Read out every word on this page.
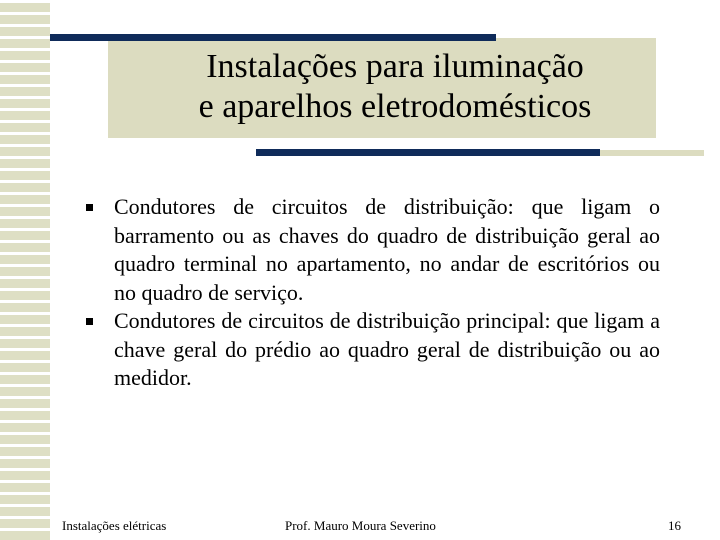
Instalações para iluminação
e aparelhos eletrodomésticos
Condutores de circuitos de distribuição: que ligam o barramento ou as chaves do quadro de distribuição geral ao quadro terminal no apartamento, no andar de escritórios ou no quadro de serviço.
Condutores de circuitos de distribuição principal: que ligam a chave geral do prédio ao quadro geral de distribuição ou ao medidor.
Instalações elétricas	Prof. Mauro Moura Severino	16
